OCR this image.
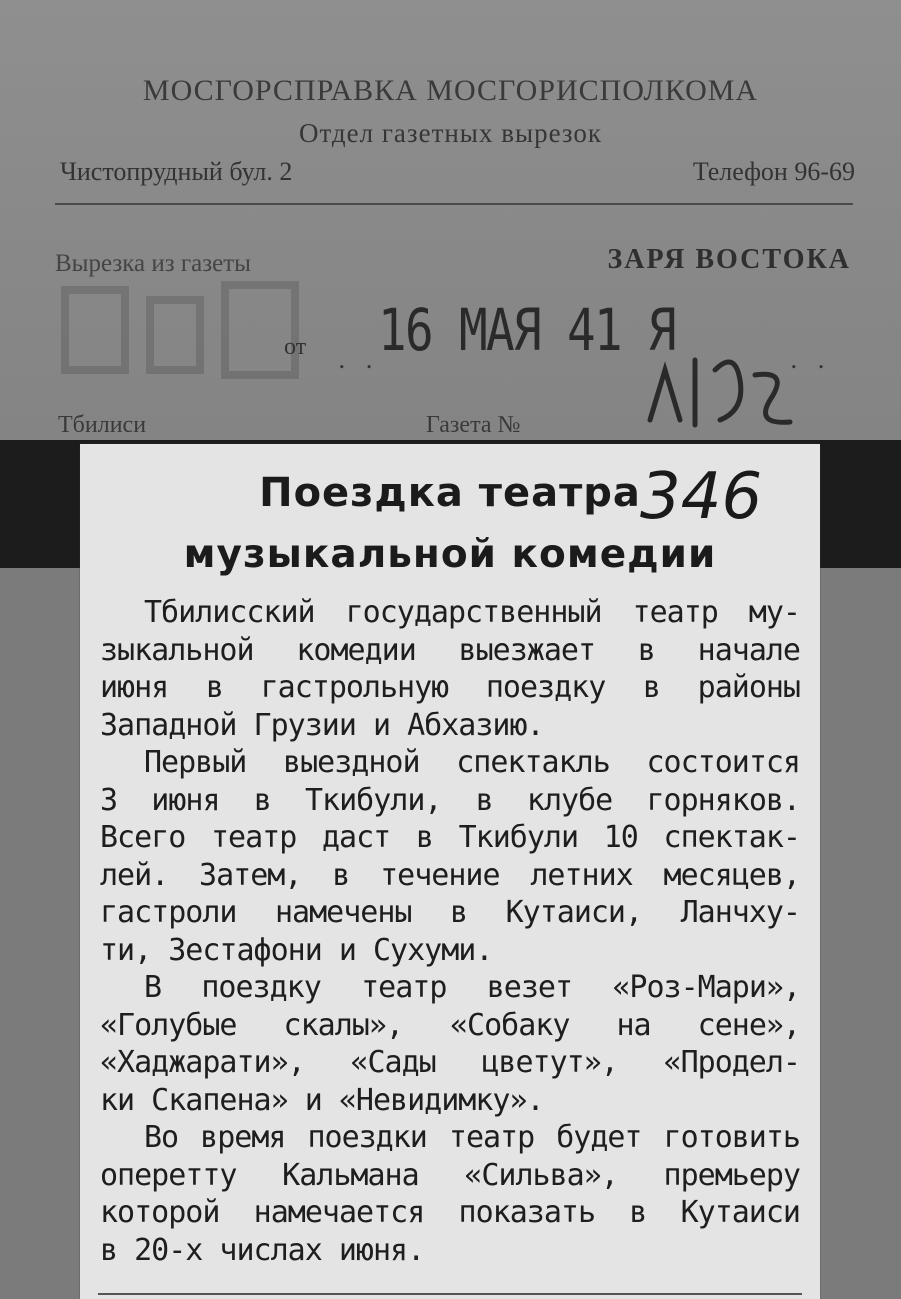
МОСГОРСПРАВКА МОСГОРИСПОЛКОМА
Отдел газетных вырезок
Чистопрудный бул. 2	Телефон 96-69
Вырезка из газеты	ЗАРЯ ВОСТОКА
от . . 16 МАЯ 41 Я	. .
Тбилиси	Газета №
Поездка театра
музыкальной комедии
346
Тбилисский государственный театр му-
зыкальной комедии выезжает в начале
июня в гастрольную поездку в районы
Западной Грузии и Абхазию.
Первый выездной спектакль состоится
3 июня в Ткибули, в клубе горняков.
Всего театр даст в Ткибули 10 спектак-
лей. Затем, в течение летних месяцев,
гастроли намечены в Кутаиси, Ланчху-
ти, Зестафони и Сухуми.
В поездку театр везет «Роз-Мари»,
«Голубые скалы», «Собаку на сене»,
«Хаджарати», «Сады цветут», «Продел-
ки Скапена» и «Невидимку».
Во время поездки театр будет готовить
оперетту Кальмана «Сильва», премьеру
которой намечается показать в Кутаиси
в 20-х числах июня.
